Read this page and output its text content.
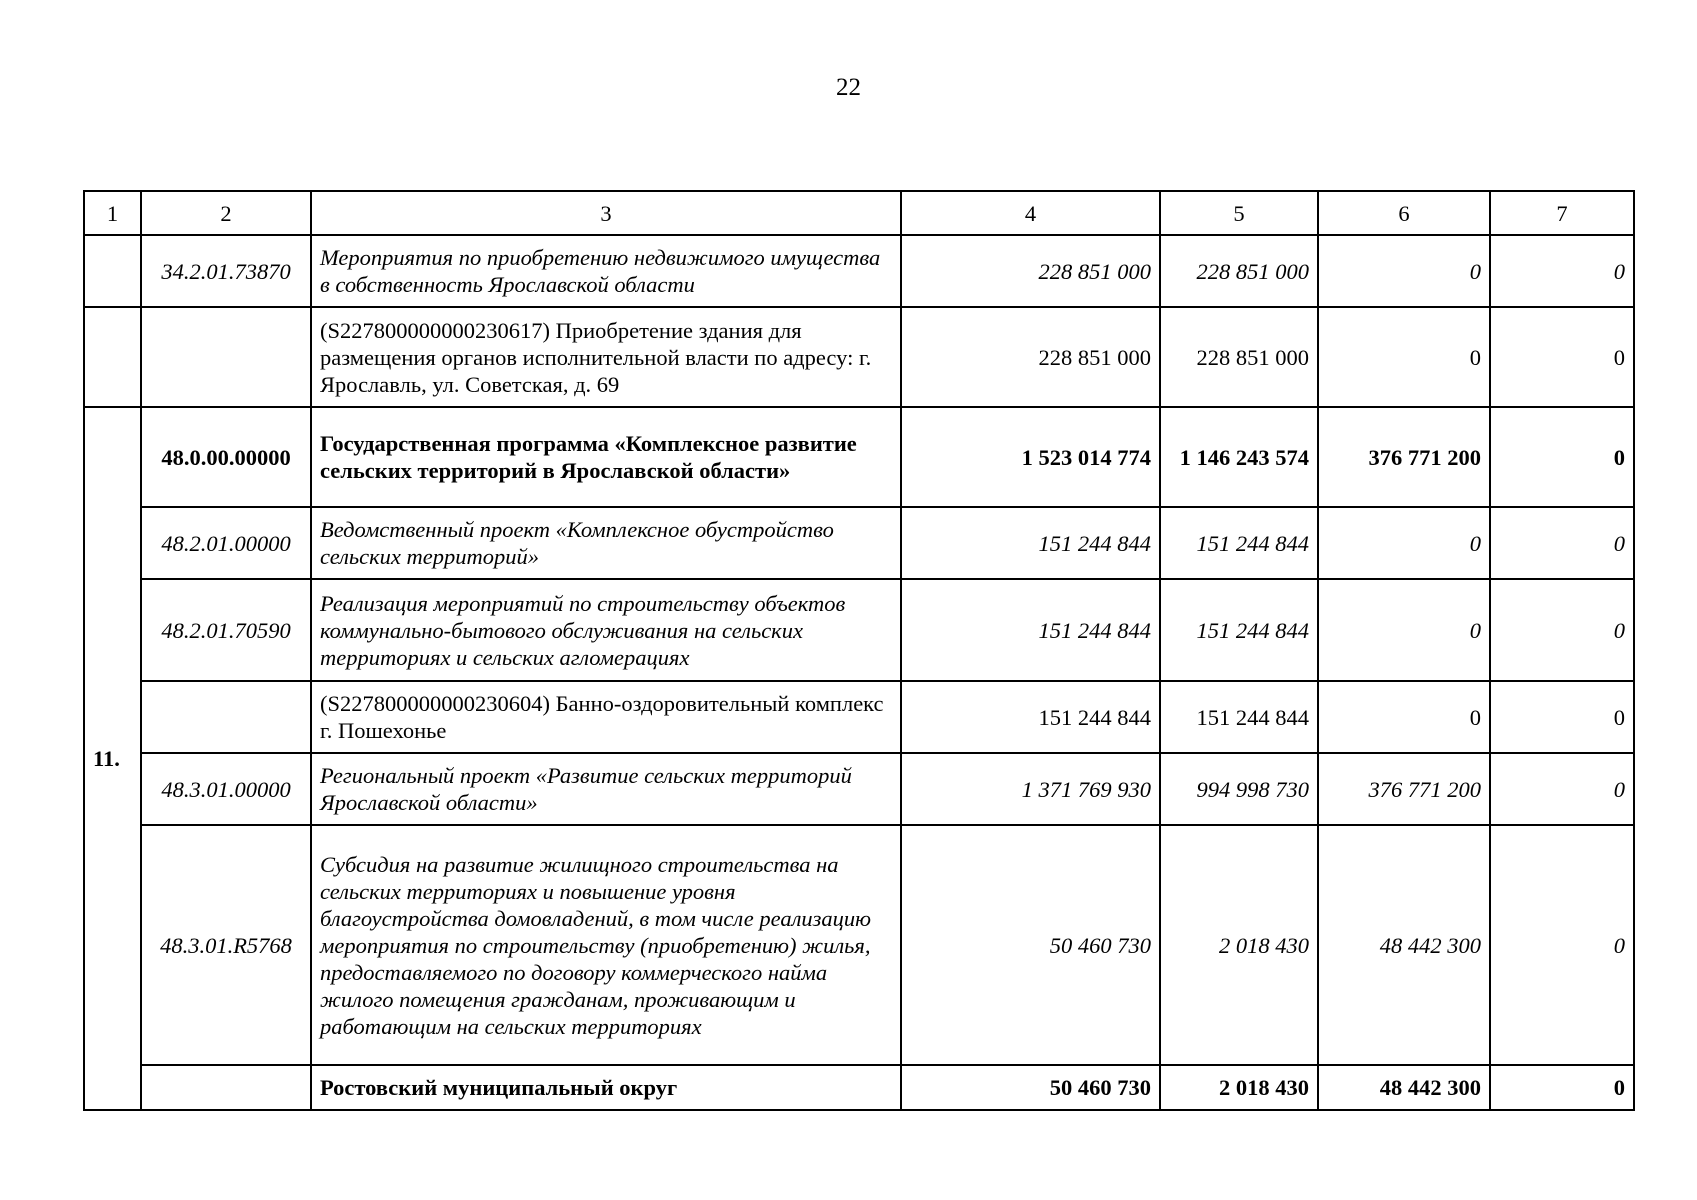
22
1	2	3	4	5	6	7
	34.2.01.73870	Мероприятия по приобретению недвижимого имущества в собственность Ярославской области	228 851 000	228 851 000	0	0
		(S227800000000230617) Приобретение здания для размещения органов исполнительной власти по адресу: г. Ярославль, ул. Советская, д. 69	228 851 000	228 851 000	0	0
11.	48.0.00.00000	Государственная программа «Комплексное развитие сельских территорий в Ярославской области»	1 523 014 774	1 146 243 574	376 771 200	0
	48.2.01.00000	Ведомственный проект «Комплексное обустройство сельских территорий»	151 244 844	151 244 844	0	0
	48.2.01.70590	Реализация мероприятий по строительству объектов коммунально-бытового обслуживания на сельских территориях и сельских агломерациях	151 244 844	151 244 844	0	0
		(S227800000000230604) Банно-оздоровительный комплекс г. Пошехонье	151 244 844	151 244 844	0	0
	48.3.01.00000	Региональный проект «Развитие сельских территорий Ярославской области»	1 371 769 930	994 998 730	376 771 200	0
	48.3.01.R5768	Субсидия на развитие жилищного строительства на сельских территориях и повышение уровня благоустройства домовладений, в том числе реализацию мероприятия по строительству (приобретению) жилья, предоставляемого по договору коммерческого найма жилого помещения гражданам, проживающим и работающим на сельских территориях	50 460 730	2 018 430	48 442 300	0
		Ростовский муниципальный округ	50 460 730	2 018 430	48 442 300	0
